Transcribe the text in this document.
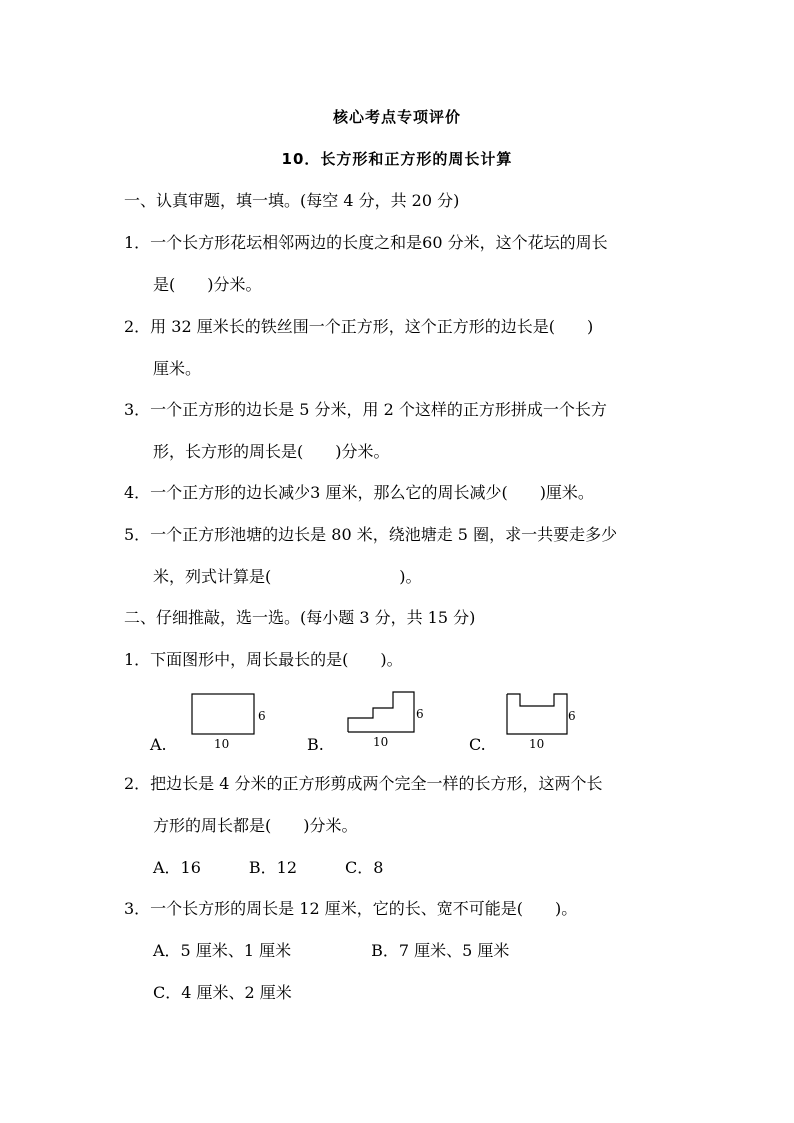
核心考点专项评价
10．长方形和正方形的周长计算
一、认真审题，填一填。(每空 4 分，共 20 分)
1．一个长方形花坛相邻两边的长度之和是60 分米，这个花坛的周长
是(　　)分米。
2．用 32 厘米长的铁丝围一个正方形，这个正方形的边长是(　　)
厘米。
3．一个正方形的边长是 5 分米，用 2 个这样的正方形拼成一个长方
形，长方形的周长是(　　)分米。
4．一个正方形的边长减少3 厘米，那么它的周长减少(　　)厘米。
5．一个正方形池塘的边长是 80 米，绕池塘走 5 圈，求一共要走多少
米，列式计算是(　　　　　　　　)。
二、仔细推敲，选一选。(每小题 3 分，共 15 分)
1．下面图形中，周长最长的是(　　)。
A.
6
10	B.
6
10	C.
6
10
2．把边长是 4 分米的正方形剪成两个完全一样的长方形，这两个长
方形的周长都是(　　)分米。
A．16　　　B．12　　　C．8
3．一个长方形的周长是 12 厘米，它的长、宽不可能是(　　)。
A．5 厘米、1 厘米　　　　　B．7 厘米、5 厘米
C．4 厘米、2 厘米
